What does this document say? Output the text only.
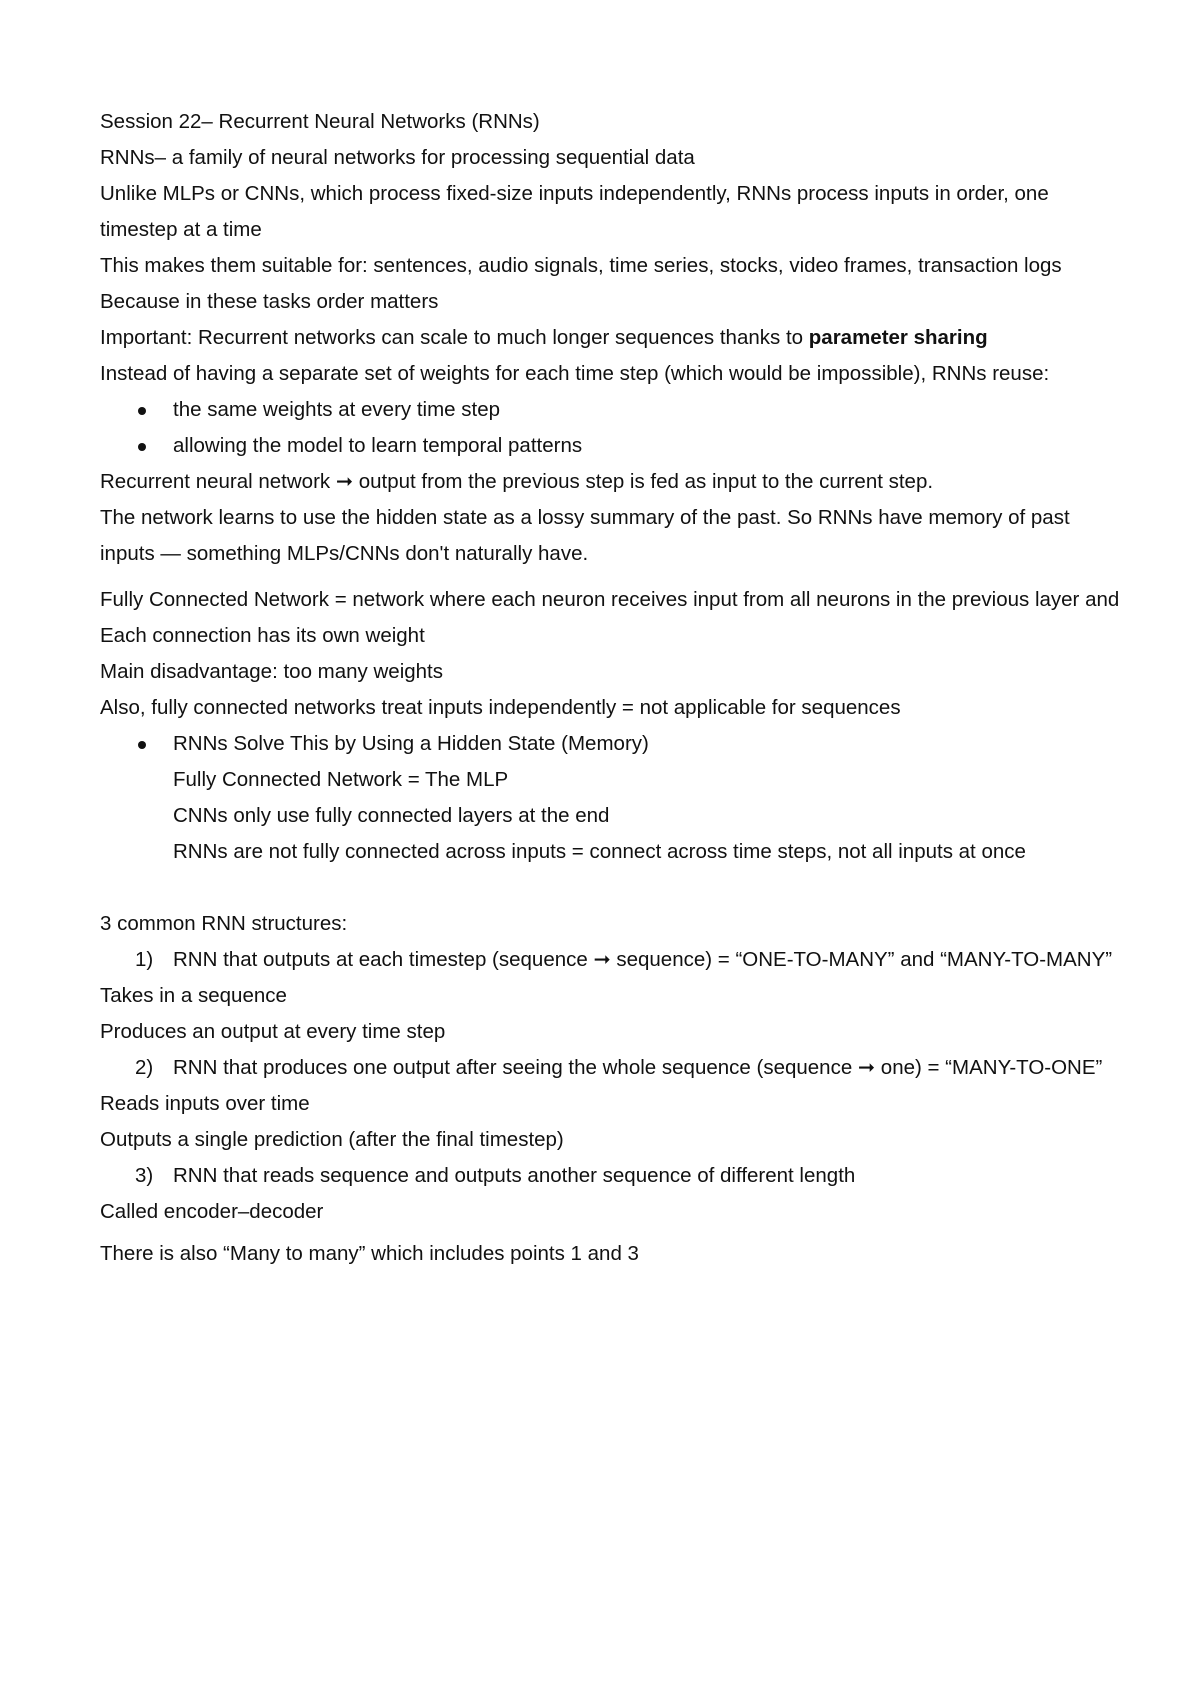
Session 22– Recurrent Neural Networks (RNNs)

RNNs– a family of neural networks for processing sequential data

Unlike MLPs or CNNs, which process fixed-size inputs independently, RNNs process inputs in order, one timestep at a time

This makes them suitable for: sentences, audio signals, time series, stocks, video frames, transaction logs

Because in these tasks order matters

Important: Recurrent networks can scale to much longer sequences thanks to parameter sharing

Instead of having a separate set of weights for each time step (which would be impossible), RNNs reuse:

the same weights at every time step
allowing the model to learn temporal patterns

Recurrent neural network ➞ output from the previous step is fed as input to the current step.

The network learns to use the hidden state as a lossy summary of the past. So RNNs have memory of past inputs — something MLPs/CNNs don't naturally have.

Fully Connected Network = network where each neuron receives input from all neurons in the previous layer and Each connection has its own weight

Main disadvantage: too many weights

Also, fully connected networks treat inputs independently = not applicable for sequences

RNNs Solve This by Using a Hidden State (Memory)

Fully Connected Network = The MLP

CNNs only use fully connected layers at the end

RNNs are not fully connected across inputs = connect across time steps, not all inputs at once

3 common RNN structures:

1) RNN that outputs at each timestep (sequence ➞ sequence) = “ONE-TO-MANY” and “MANY-TO-MANY”

Takes in a sequence

Produces an output at every time step

2) RNN that produces one output after seeing the whole sequence (sequence ➞ one) = “MANY-TO-ONE”

Reads inputs over time

Outputs a single prediction (after the final timestep)

3) RNN that reads sequence and outputs another sequence of different length

Called encoder–decoder

There is also “Many to many” which includes points 1 and 3
